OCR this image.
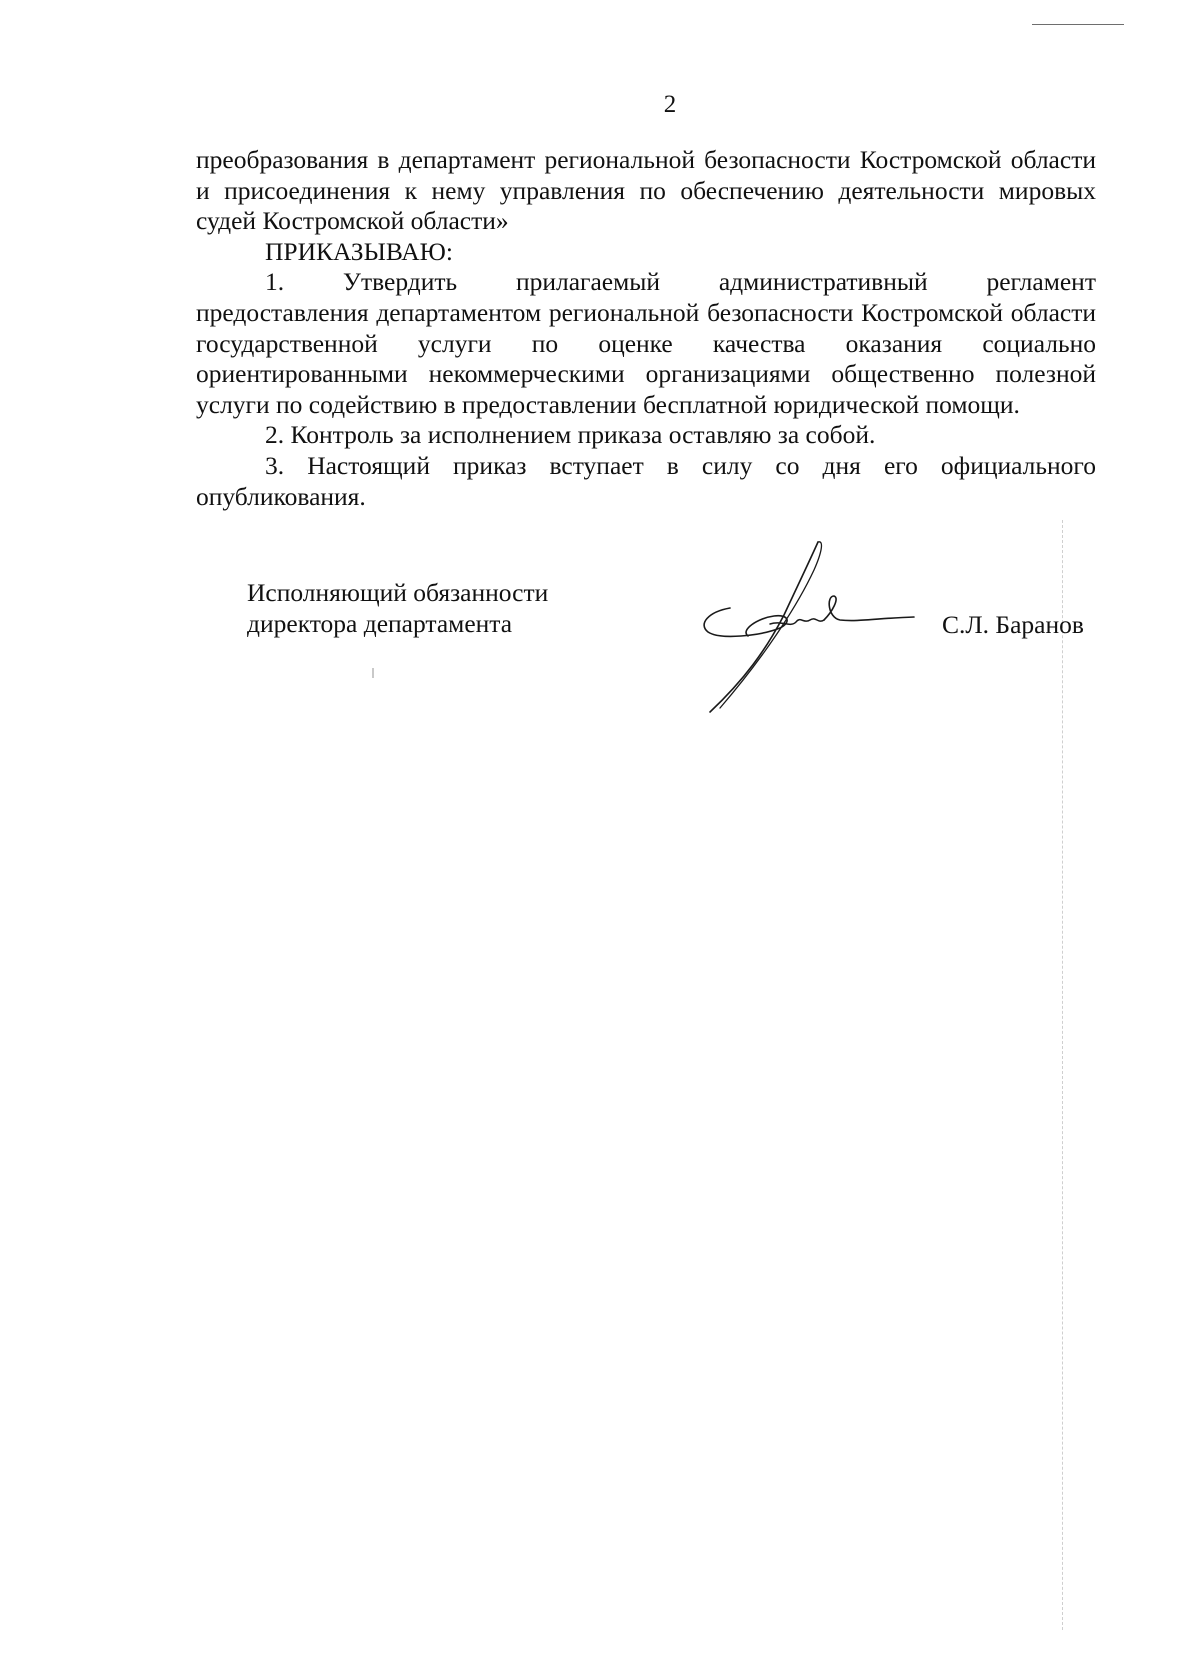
2

преобразования в департамент региональной безопасности Костромской области и присоединения к нему управления по обеспечению деятельности мировых судей Костромской области»

ПРИКАЗЫВАЮ:

1. Утвердить прилагаемый административный регламент

предоставления департаментом региональной безопасности Костромской области государственной услуги по оценке качества оказания социально ориентированными некоммерческими организациями общественно полезной услуги по содействию в предоставлении бесплатной юридической помощи.

2. Контроль за исполнением приказа оставляю за собой.

3. Настоящий приказ вступает в силу со дня его официального опубликования.

Исполняющий обязанности
директора департамента	С.Л. Баранов
